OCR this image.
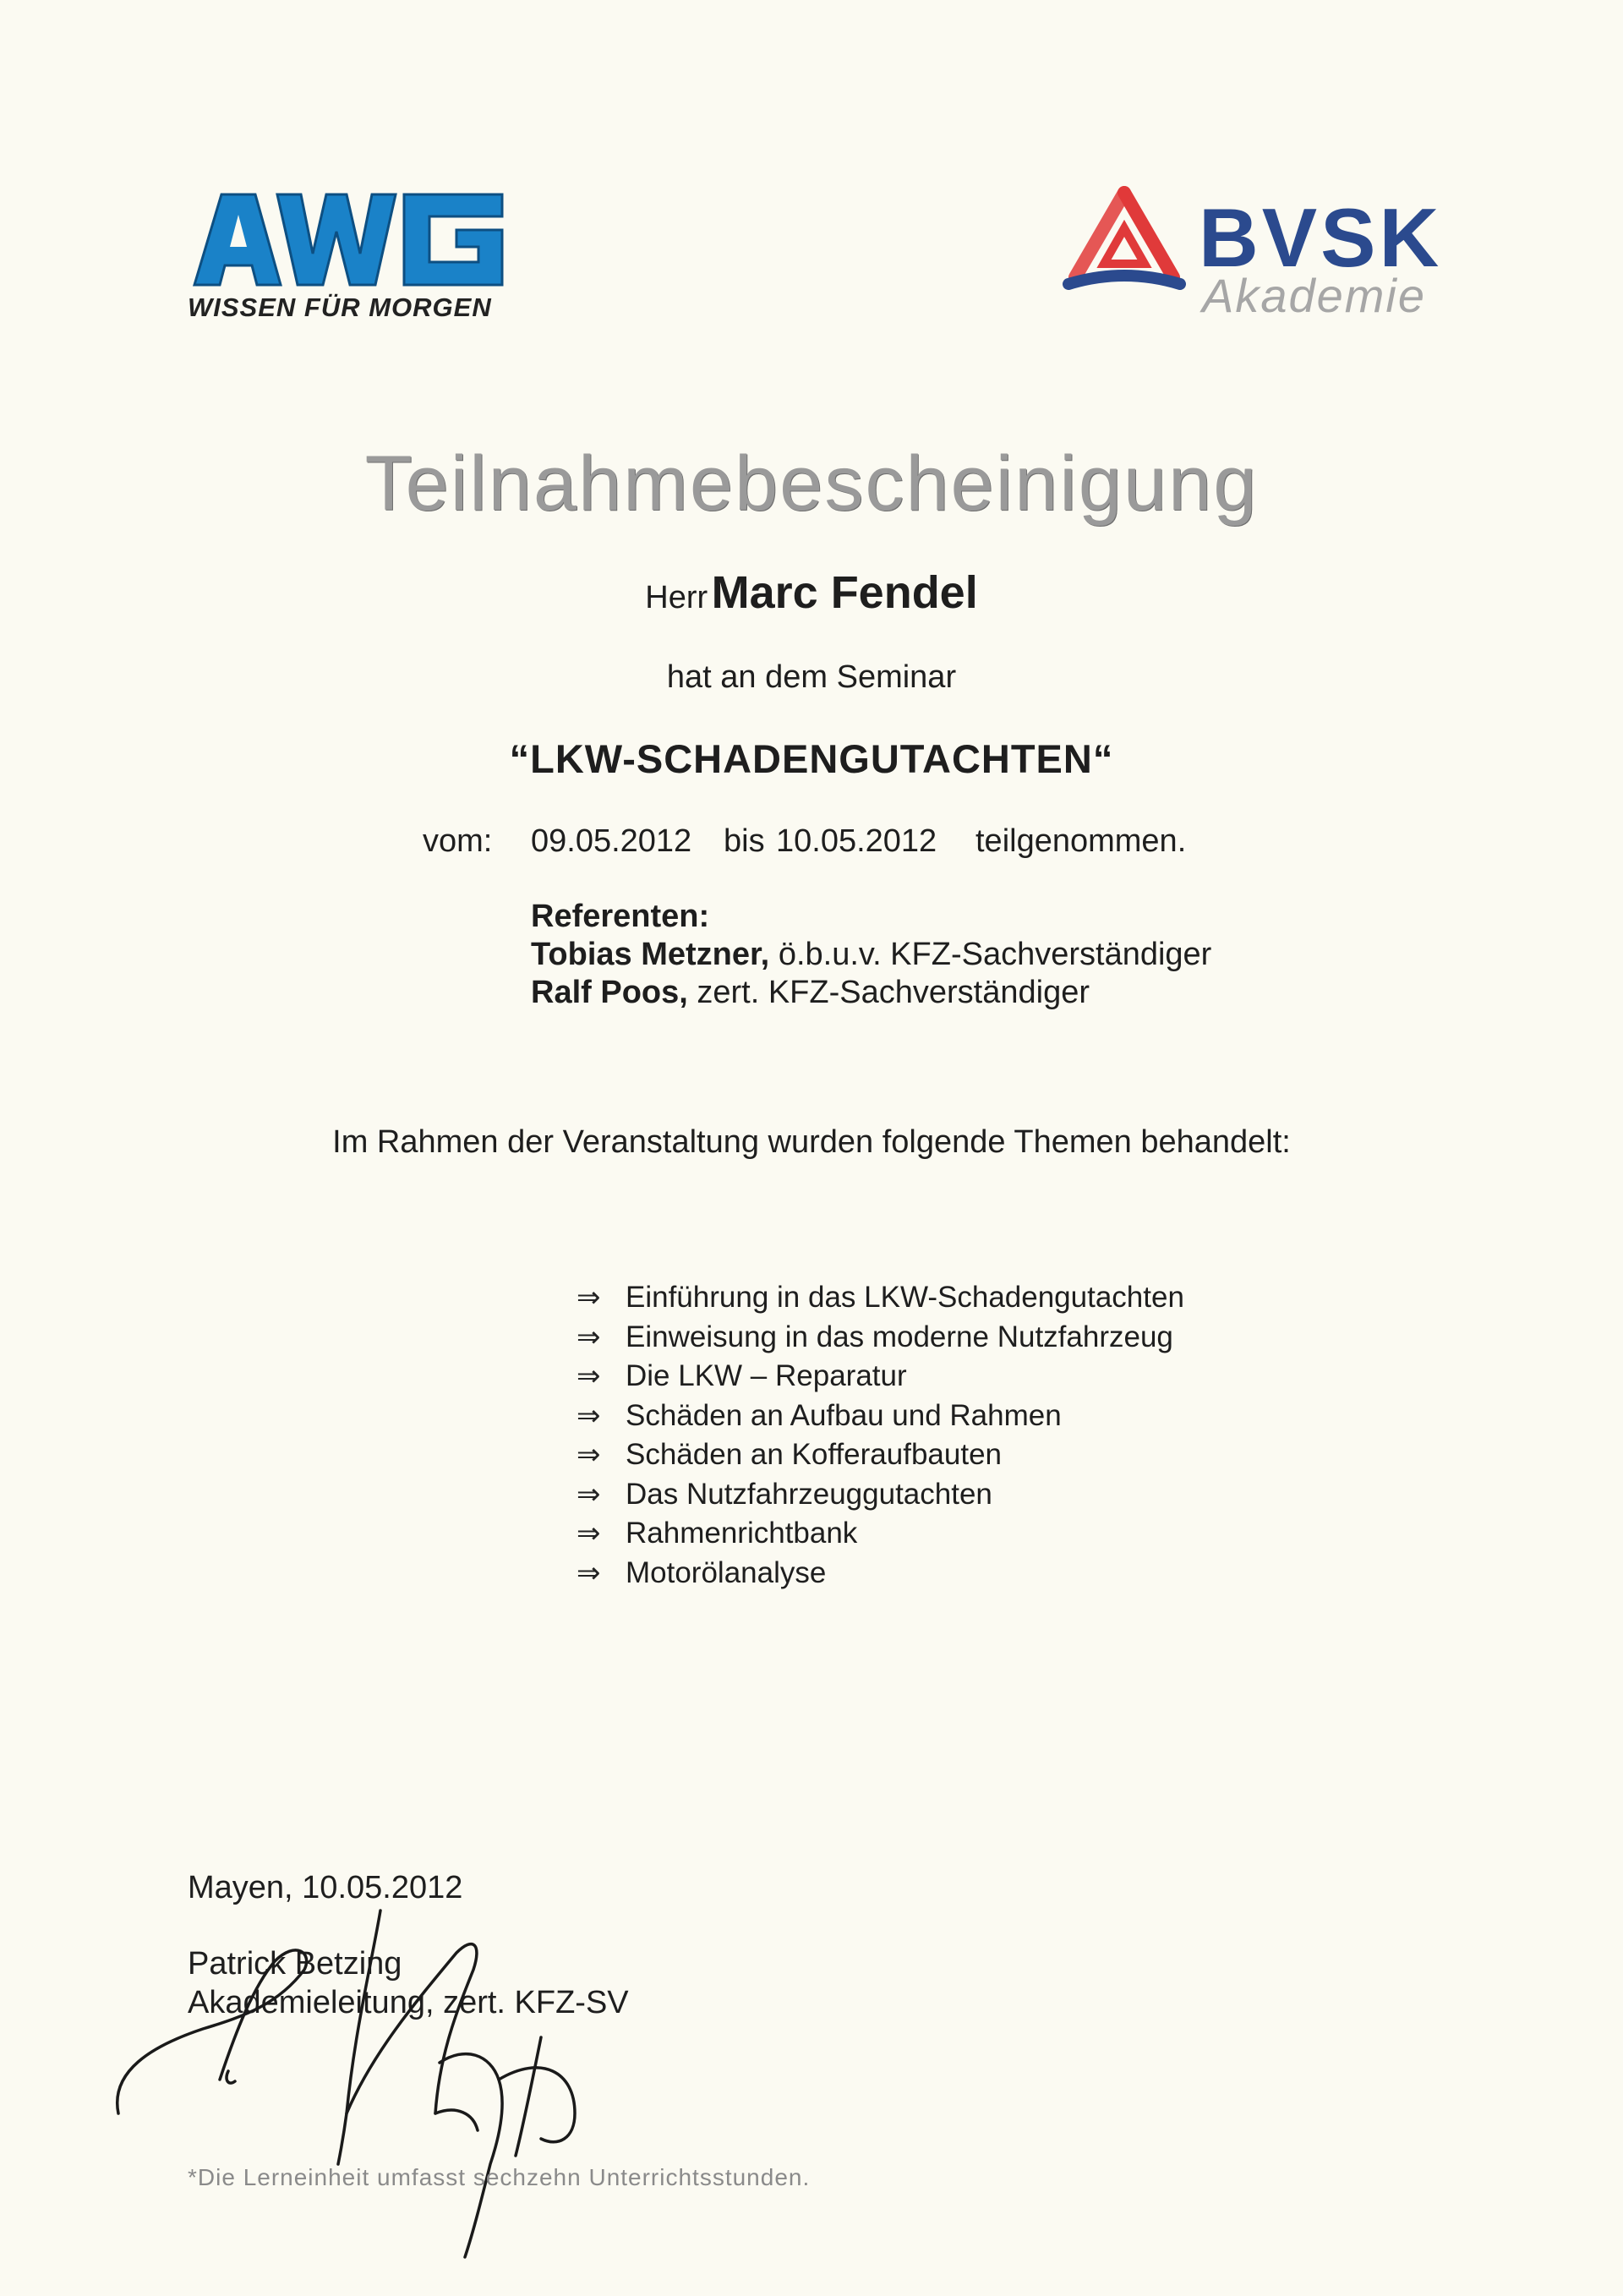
WISSEN FÜR MORGEN
BVSK
Akademie
Teilnahmebescheinigung
Herr Marc Fendel
hat an dem Seminar
“LKW-SCHADENGUTACHTEN“
vom: 09.05.2012 bis 10.05.2012 teilgenommen.
Referenten:
Tobias Metzner, ö.b.u.v. KFZ-Sachverständiger
Ralf Poos, zert. KFZ-Sachverständiger
Im Rahmen der Veranstaltung wurden folgende Themen behandelt:
⇒ Einführung in das LKW-Schadengutachten
⇒ Einweisung in das moderne Nutzfahrzeug
⇒ Die LKW – Reparatur
⇒ Schäden an Aufbau und Rahmen
⇒ Schäden an Kofferaufbauten
⇒ Das Nutzfahrzeuggutachten
⇒ Rahmenrichtbank
⇒ Motorölanalyse
Mayen, 10.05.2012
Patrick Betzing
Akademieleitung, zert. KFZ-SV
*Die Lerneinheit umfasst sechzehn Unterrichtsstunden.
